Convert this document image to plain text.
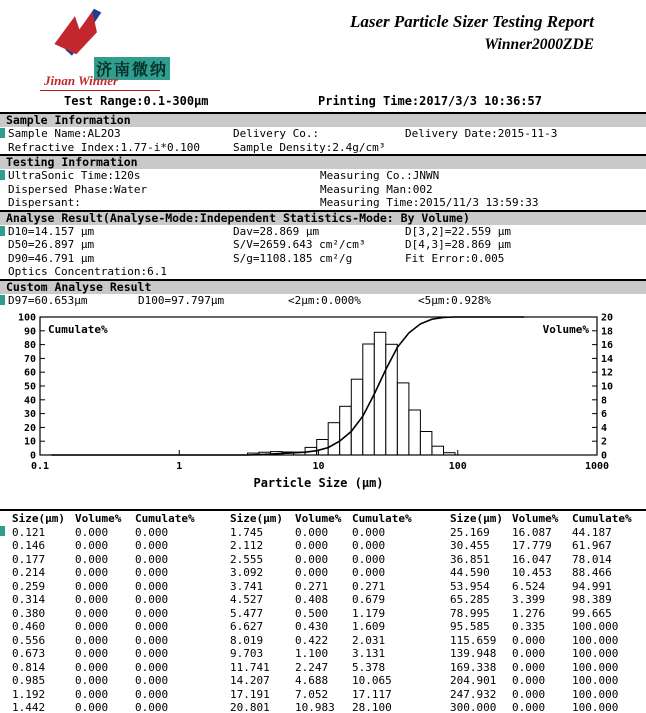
济南微纳
Jinan Winner
Laser Particle Sizer Testing Report
Winner2000ZDE
Test Range:0.1-300μm	Printing Time:2017/3/3 10:36:57
Sample Information
Sample Name:AL2O3	Delivery Co.:	Delivery Date:2015-11-3
Refractive Index:1.77-i*0.100	Sample Density:2.4g/cm³
Testing Information
UltraSonic Time:120s	Measuring Co.:JNWN
Dispersed Phase:Water	Measuring Man:002
Dispersant:	Measuring Time:2015/11/3 13:59:33
Analyse Result(Analyse-Mode:Independent Statistics-Mode: By Volume)
D10=14.157 μm	Dav=28.869 μm	D[3,2]=22.559 μm
D50=26.897 μm	S/V=2659.643 cm²/cm³	D[4,3]=28.869 μm
D90=46.791 μm	S/g=1108.185 cm²/g	Fit Error:0.005
Optics Concentration:6.1
Custom Analyse Result
D97=60.653μm	D100=97.797μm	<2μm:0.000%	<5μm:0.928%
0
10
20
30
40
50
60
70
80
90
100
0
2
4
6
8
10
12
14
16
18
20
0.1	1	10	100	1000
Cumulate%	Volume%
Particle Size (μm)
Size(μm) Volume%	Cumulate%	Size(μm)	Volume% Cumulate%	Size(μm) Volume%	Cumulate%
0.121	0.000	0.000	1.745	0.000	0.000	25.169	16.087	44.187
0.146	0.000	0.000	2.112	0.000	0.000	30.455	17.779	61.967
0.177	0.000	0.000	2.555	0.000	0.000	36.851	16.047	78.014
0.214	0.000	0.000	3.092	0.000	0.000	44.590	10.453	88.466
0.259	0.000	0.000	3.741	0.271	0.271	53.954	6.524	94.991
0.314	0.000	0.000	4.527	0.408	0.679	65.285	3.399	98.389
0.380	0.000	0.000	5.477	0.500	1.179	78.995	1.276	99.665
0.460	0.000	0.000	6.627	0.430	1.609	95.585	0.335	100.000
0.556	0.000	0.000	8.019	0.422	2.031	115.659	0.000	100.000
0.673	0.000	0.000	9.703	1.100	3.131	139.948	0.000	100.000
0.814	0.000	0.000	11.741	2.247	5.378	169.338	0.000	100.000
0.985	0.000	0.000	14.207	4.688	10.065	204.901	0.000	100.000
1.192	0.000	0.000	17.191	7.052	17.117	247.932	0.000	100.000
1.442	0.000	0.000	20.801	10.983	28.100	300.000	0.000	100.000
